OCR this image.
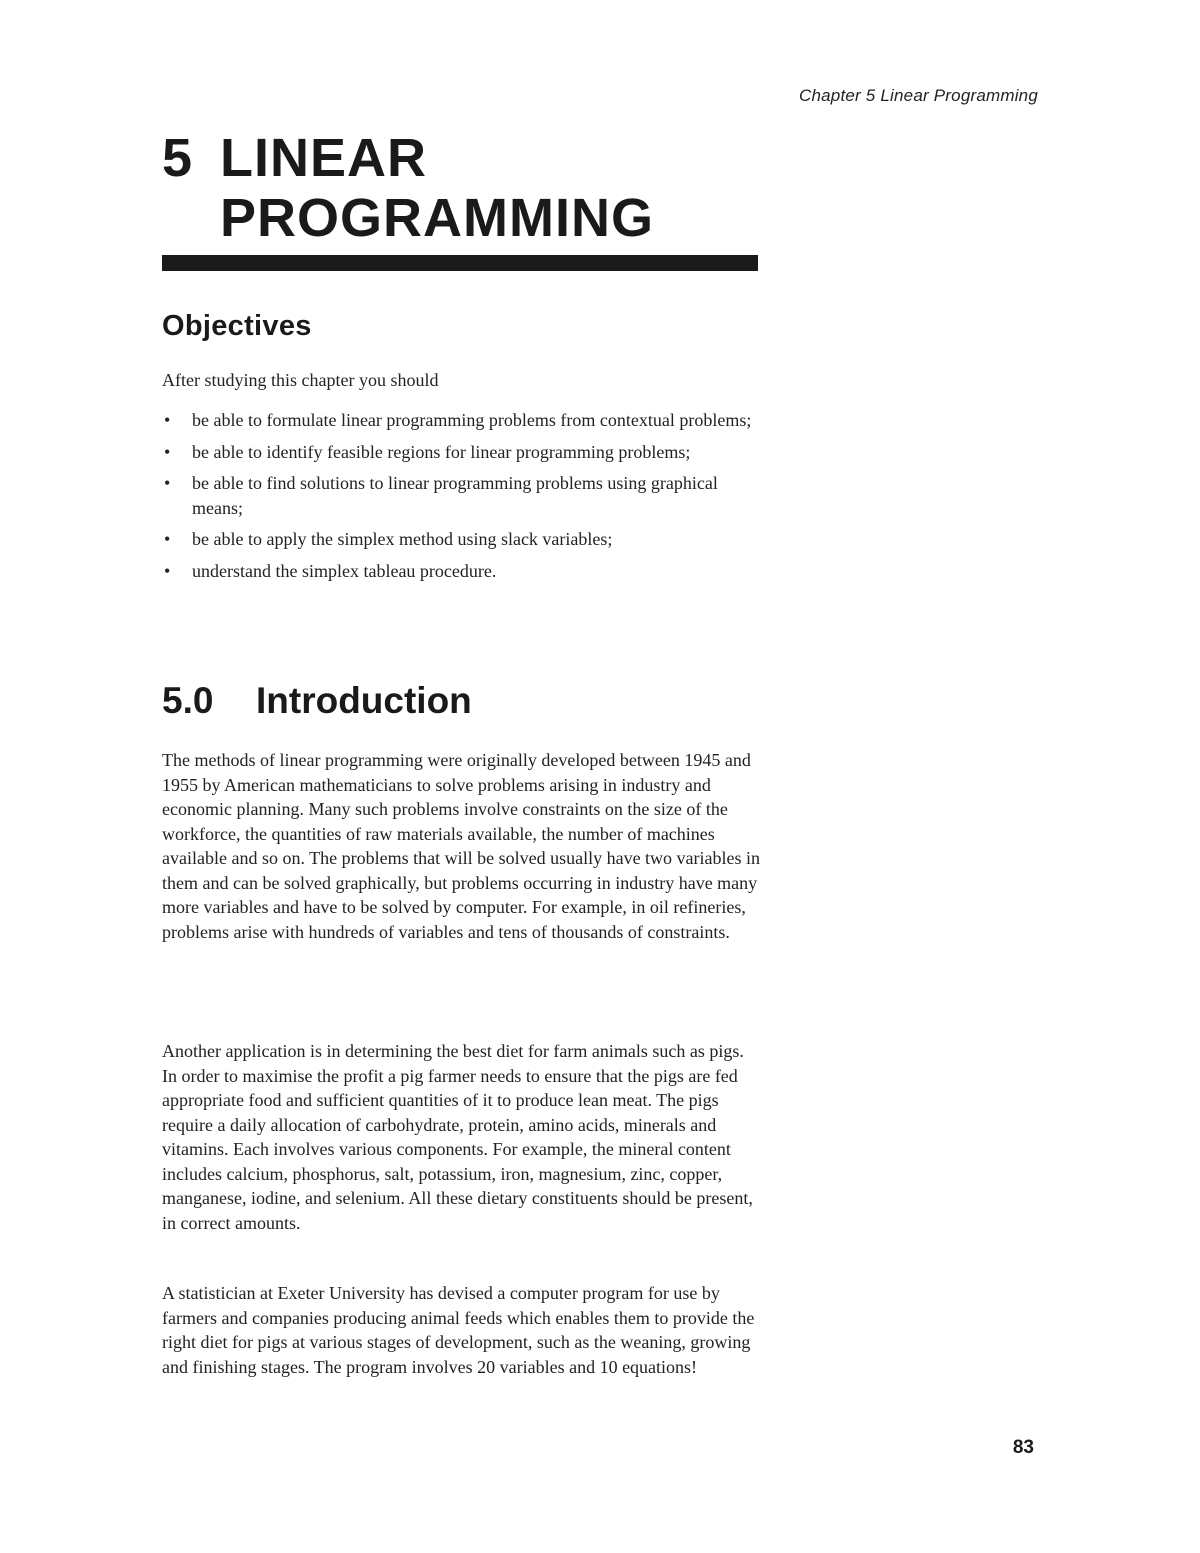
Chapter 5 Linear Programming
5 LINEAR
PROGRAMMING
Objectives

After studying this chapter you should

• be able to formulate linear programming problems from contextual problems;
• be able to identify feasible regions for linear programming problems;
• be able to find solutions to linear programming problems using graphical means;
• be able to apply the simplex method using slack variables;
• understand the simplex tableau procedure.
5.0 Introduction

The methods of linear programming were originally developed between 1945 and 1955 by American mathematicians to solve problems arising in industry and economic planning. Many such problems involve constraints on the size of the workforce, the quantities of raw materials available, the number of machines available and so on. The problems that will be solved usually have two variables in them and can be solved graphically, but problems occurring in industry have many more variables and have to be solved by computer. For example, in oil refineries, problems arise with hundreds of variables and tens of thousands of constraints.

Another application is in determining the best diet for farm animals such as pigs. In order to maximise the profit a pig farmer needs to ensure that the pigs are fed appropriate food and sufficient quantities of it to produce lean meat. The pigs require a daily allocation of carbohydrate, protein, amino acids, minerals and vitamins. Each involves various components. For example, the mineral content includes calcium, phosphorus, salt, potassium, iron, magnesium, zinc, copper, manganese, iodine, and selenium. All these dietary constituents should be present, in correct amounts.

A statistician at Exeter University has devised a computer program for use by farmers and companies producing animal feeds which enables them to provide the right diet for pigs at various stages of development, such as the weaning, growing and finishing stages. The program involves 20 variables and 10 equations!

83
